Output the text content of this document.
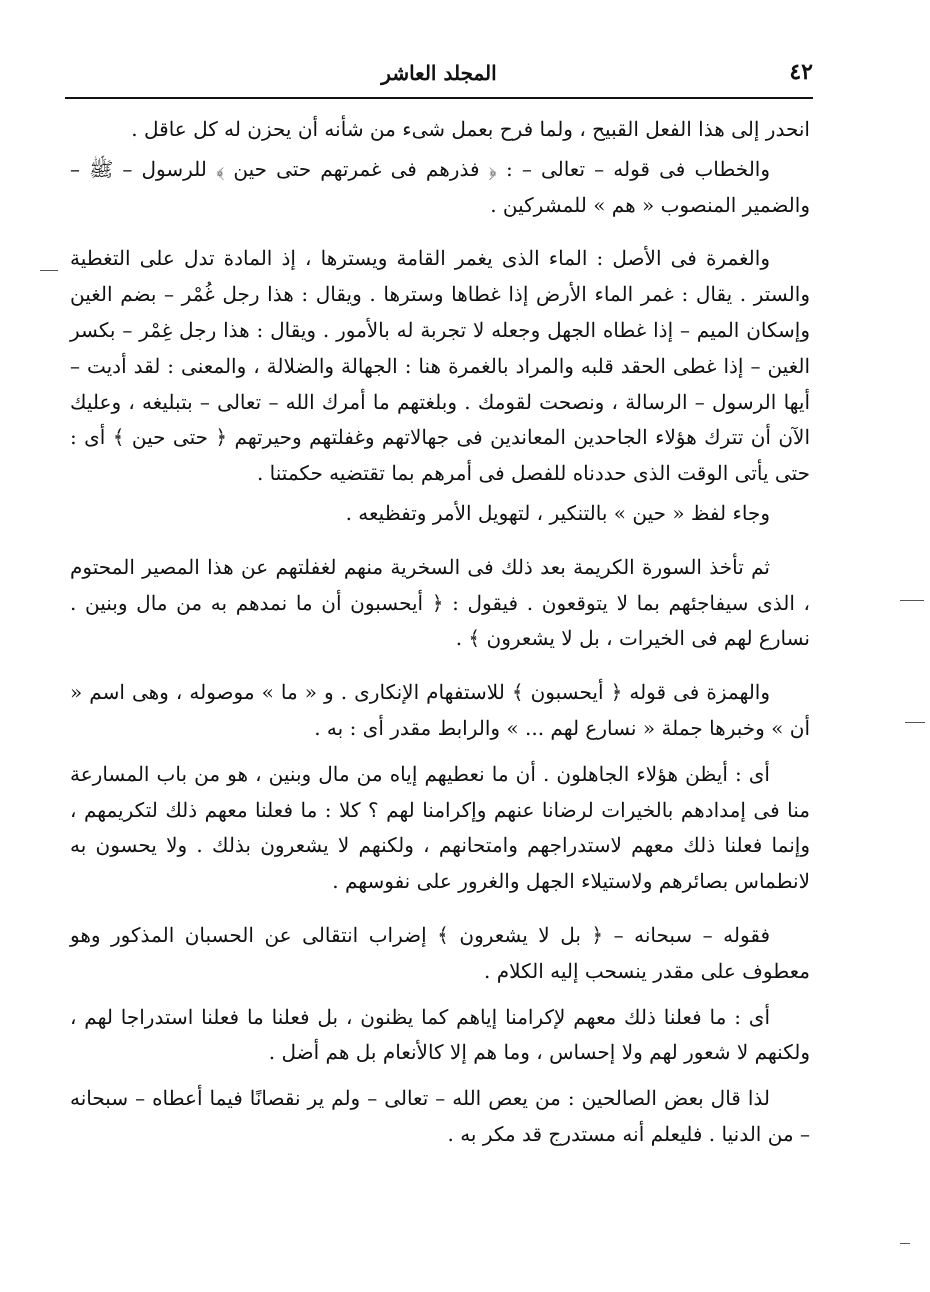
٤٢
المجلد العاشر

انحدر إلى هذا الفعل القبيح ، ولما فرح بعمل شىء من شأنه أن يحزن له كل عاقل .

والخطاب فى قوله – تعالى – : ﴿ فذرهم فى غمرتهم حتى حين ﴾ للرسول – ﷺ – والضمير المنصوب « هم » للمشركين .

والغمرة فى الأصل : الماء الذى يغمر القامة ويسترها ، إذ المادة تدل على التغطية والستر . يقال : غمر الماء الأرض إذا غطاها وسترها . ويقال : هذا رجل غُمْر – بضم الغين وإسكان الميم – إذا غطاه الجهل وجعله لا تجربة له بالأمور . ويقال : هذا رجل غِمْر – بكسر الغين – إذا غطى الحقد قلبه والمراد بالغمرة هنا : الجهالة والضلالة ، والمعنى : لقد أديت – أيها الرسول – الرسالة ، ونصحت لقومك . وبلغتهم ما أمرك الله – تعالى – بتبليغه ، وعليك الآن أن تترك هؤلاء الجاحدين المعاندين فى جهالاتهم وغفلتهم وحيرتهم ﴿ حتى حين ﴾ أى : حتى يأتى الوقت الذى حددناه للفصل فى أمرهم بما تقتضيه حكمتنا .

وجاء لفظ « حين » بالتنكير ، لتهويل الأمر وتفظيعه .

ثم تأخذ السورة الكريمة بعد ذلك فى السخرية منهم لغفلتهم عن هذا المصير المحتوم ، الذى سيفاجئهم بما لا يتوقعون . فيقول : ﴿ أيحسبون أن ما نمدهم به من مال وبنين . نسارع لهم فى الخيرات ، بل لا يشعرون ﴾ .

والهمزة فى قوله ﴿ أيحسبون ﴾ للاستفهام الإنكارى . و « ما » موصوله ، وهى اسم « أن » وخبرها جملة « نسارع لهم ... » والرابط مقدر أى : به .

أى : أيظن هؤلاء الجاهلون . أن ما نعطيهم إياه من مال وبنين ، هو من باب المسارعة منا فى إمدادهم بالخيرات لرضانا عنهم وإكرامنا لهم ؟ كلا : ما فعلنا معهم ذلك لتكريمهم ، وإنما فعلنا ذلك معهم لاستدراجهم وامتحانهم ، ولكنهم لا يشعرون بذلك . ولا يحسون به لانطماس بصائرهم ولاستيلاء الجهل والغرور على نفوسهم .

فقوله – سبحانه – ﴿ بل لا يشعرون ﴾ إضراب انتقالى عن الحسبان المذكور وهو معطوف على مقدر ينسحب إليه الكلام .

أى : ما فعلنا ذلك معهم لإكرامنا إياهم كما يظنون ، بل فعلنا ما فعلنا استدراجا لهم ، ولكنهم لا شعور لهم ولا إحساس ، وما هم إلا كالأنعام بل هم أضل .

لذا قال بعض الصالحين : من يعص الله – تعالى – ولم ير نقصانًا فيما أعطاه – سبحانه – من الدنيا . فليعلم أنه مستدرج قد مكر به .
